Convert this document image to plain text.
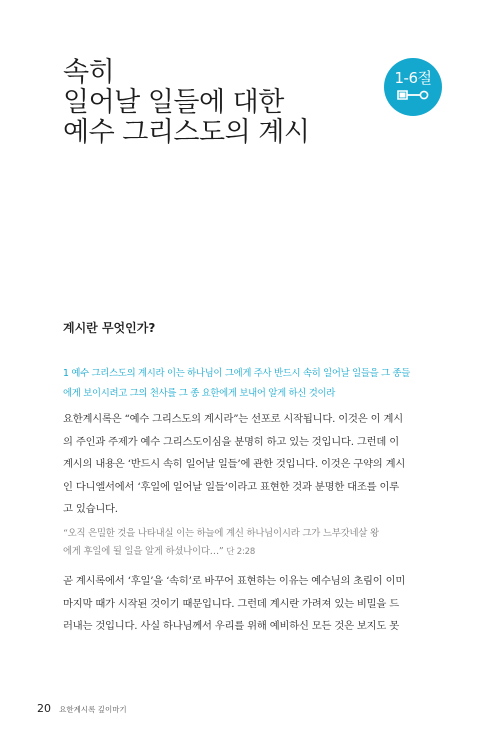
속히
일어날 일들에 대한
예수 그리스도의 계시
1-6절
계시란 무엇인가?
1 예수 그리스도의 계시라 이는 하나님이 그에게 주사 반드시 속히 일어날 일들을 그 종들
에게 보이시려고 그의 천사를 그 종 요한에게 보내어 알게 하신 것이라
요한계시록은 “예수 그리스도의 계시라”는 선포로 시작됩니다. 이것은 이 계시
의 주인과 주제가 예수 그리스도이심을 분명히 하고 있는 것입니다. 그런데 이
계시의 내용은 ‘반드시 속히 일어날 일들’에 관한 것입니다. 이것은 구약의 계시
인 다니엘서에서 ‘후일에 일어날 일들’이라고 표현한 것과 분명한 대조를 이루
고 있습니다.
“오직 은밀한 것을 나타내실 이는 하늘에 계신 하나님이시라 그가 느부갓네살 왕
에게 후일에 될 일을 알게 하셨나이다…” 단 2:28
곧 계시록에서 ‘후일’을 ‘속히’로 바꾸어 표현하는 이유는 예수님의 초림이 이미
마지막 때가 시작된 것이기 때문입니다. 그런데 계시란 가려져 있는 비밀을 드
러내는 것입니다. 사실 하나님께서 우리를 위해 예비하신 모든 것은 보지도 못
20 요한계시록 깊이마기
